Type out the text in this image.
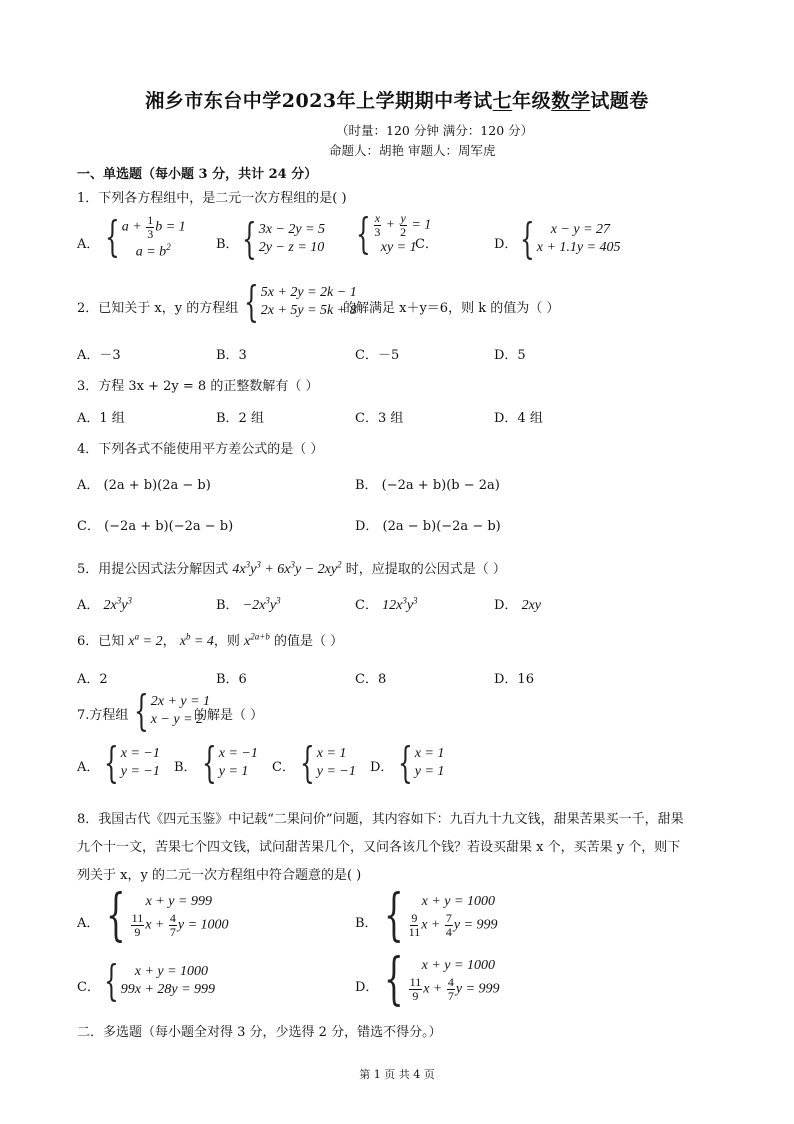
湘乡市东台中学2023年上学期期中考试七年级数学试题卷
（时量：120 分钟 满分：120 分）
命题人：胡艳 审题人：周军虎
一、单选题（每小题 3 分，共计 24 分）
1．下列各方程组中，是二元一次方程组的是( )
A． { $a + \frac{1}{3}$ b = 1
$a = b^2$	B． { 3x − 2y = 5
2y − z = 10 { $\frac{x}{3} + \frac{y}{2} = 1$
xy = 1
C．	D． {	x − y = 27
x + 1.1y = 405
2．已知关于 x，y 的方程组 { 5x + 2y = 2k − 1
2x + 5y = 5k + 8
的解满足 x＋y＝6，则 k 的值为（ ）
A．－3	B．3	C．－5	D．5
3．方程 3x + 2y = 8 的正整数解有（ ）
A．1 组	B．2 组	C．3 组	D．4 组
4．下列各式不能使用平方差公式的是（ ）
A． (2a + b)(2a − b)	B． (−2a + b)(b − 2a)
C． (−2a + b)(−2a − b)	D． (2a − b)(−2a − b)
5．用提公因式法分解因式 $4x^3y^3 + 6x^3y - 2xy^2$ 时，应提取的公因式是（ ）
A． $2x^3y^3$	B． $-2x^3y^3$	C． $12x^3y^3$	D． 2xy
6．已知 $x^a = 2$， $x^b = 4$，则 $x^{2a+b}$ 的值是（ ）
A．2	B．6	C．8	D．16
7.方程组 { 2x + y = 1
x − y = 2
的解是（ ）
A． { x = −1
y = −1 B． { x = −1
y = 1	C． { x = 1
y = −1 D． { x = 1
y = 1
8．我国古代《四元玉鉴》中记载“二果问价”问题，其内容如下：九百九十九文钱，甜果苦果买一千，甜果
九个十一文，苦果七个四文钱，试问甜苦果几个，又问各该几个钱？若设买甜果 x 个，买苦果 y 个，则下
列关于 x，y 的二元一次方程组中符合题意的是( )
A． {	x + y = 999
$\frac{11}{9}$ $x + \frac{4}{7}$ y = 1000	B． {	x + y = 1000
$\frac{9}{11}$ $x + \frac{7}{4}$ y = 999
C． {	x + y = 1000
99x + 28y = 999	D． {	x + y = 1000
$\frac{11}{9}$ $x + \frac{4}{7}$ y = 999
二．多选题（每小题全对得 3 分，少选得 2 分，错选不得分。）
第 1 页 共 4 页
